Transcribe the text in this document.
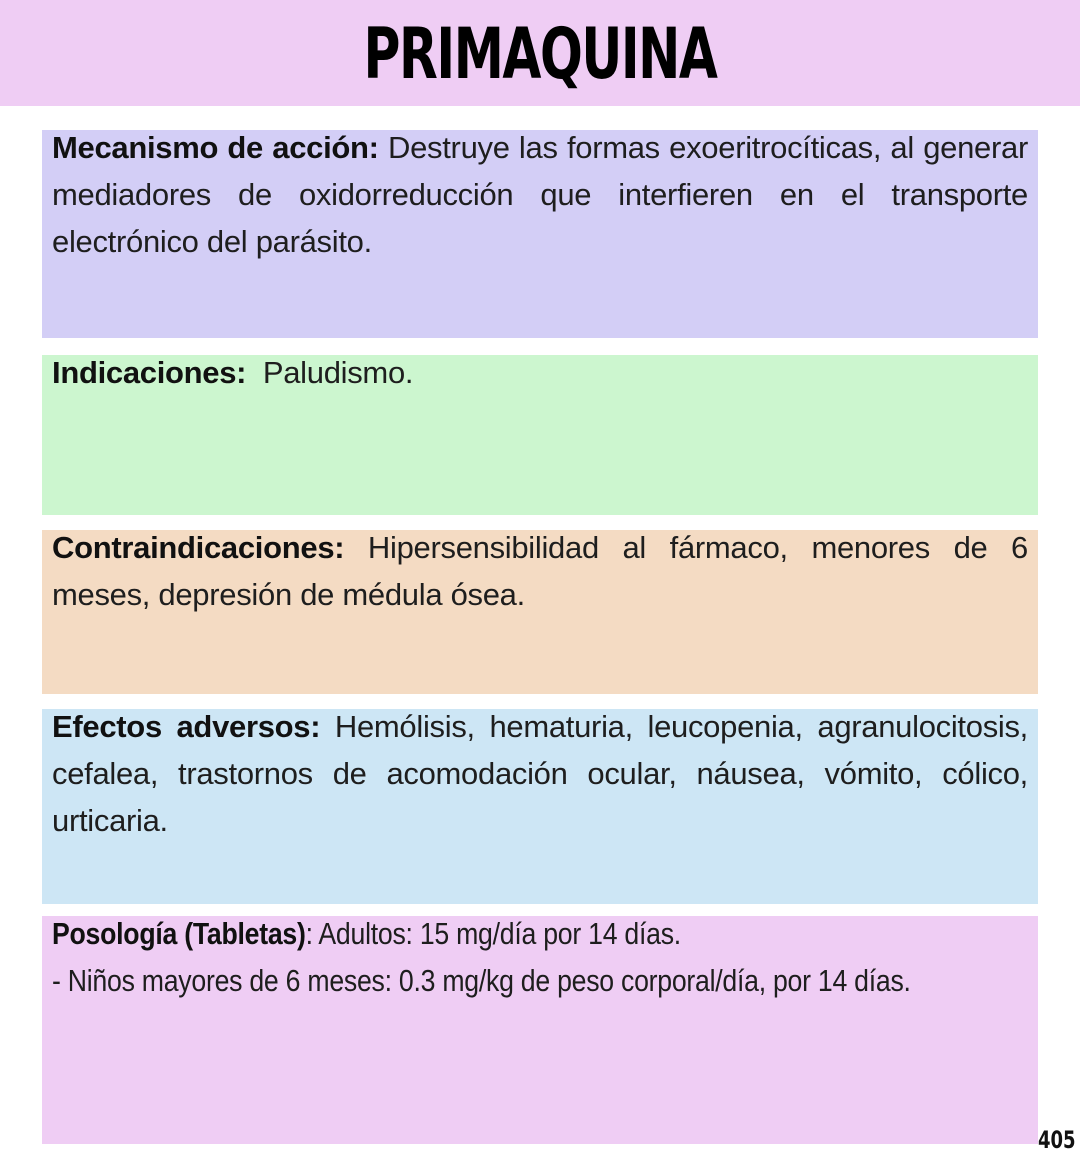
PRIMAQUINA

Mecanismo de acción: Destruye las formas exoeritrocíticas, al generar mediadores de oxidorreducción que interfieren en el transporte electrónico del parásito.

Indicaciones:  Paludismo.

Contraindicaciones: Hipersensibilidad al fármaco, menores de 6 meses, depresión de médula ósea.

Efectos adversos: Hemólisis, hematuria, leucopenia, agranulocitosis, cefalea, trastornos de acomodación ocular, náusea, vómito, cólico, urticaria.

Posología (Tabletas): Adultos: 15 mg/día por 14 días.

- Niños mayores de 6 meses: 0.3 mg/kg de peso corporal/día, por 14 días.

405
